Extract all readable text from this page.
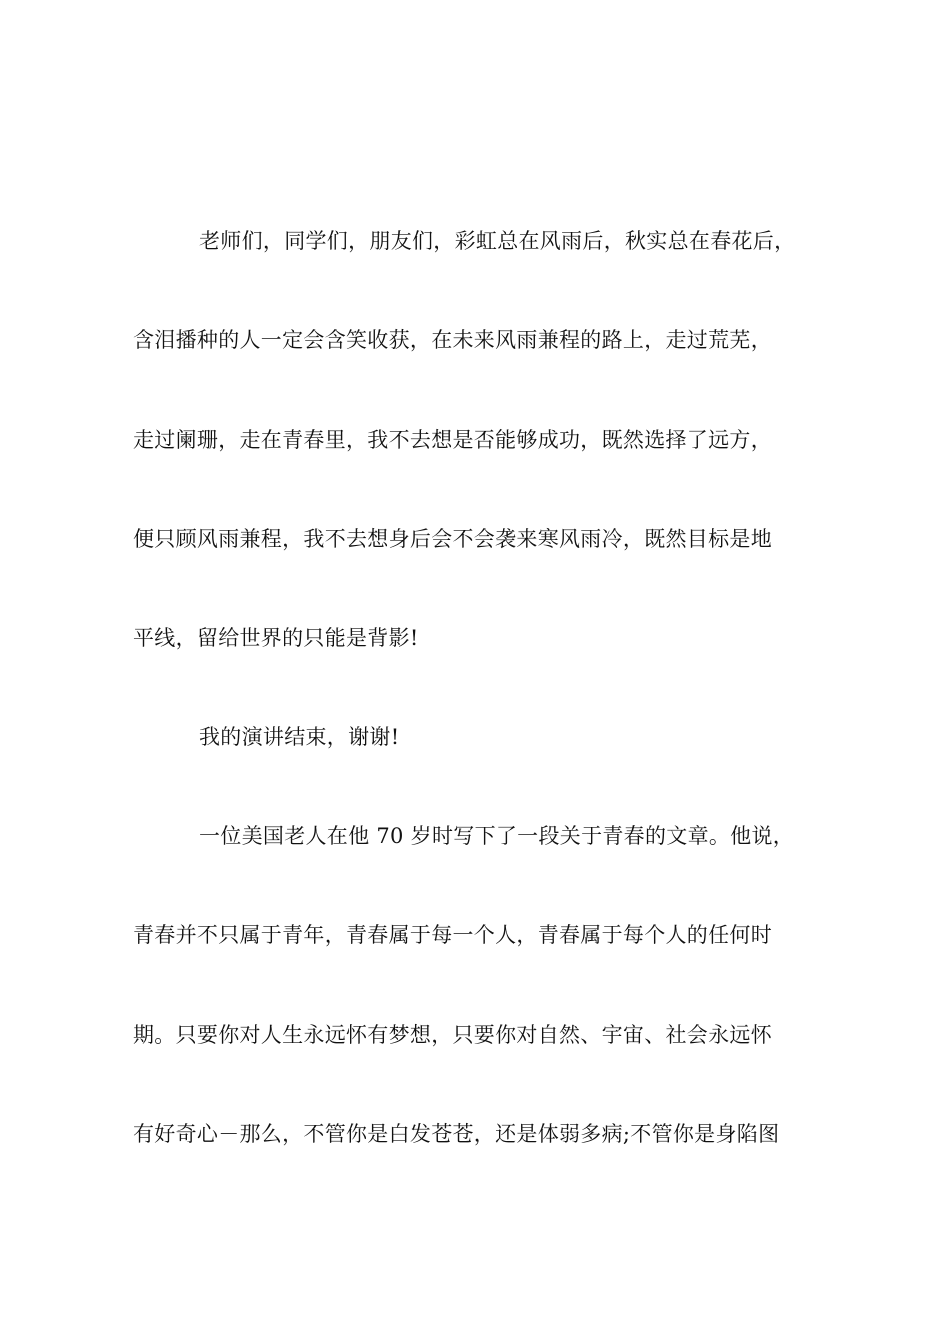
老师们，同学们，朋友们，彩虹总在风雨后，秋实总在春花后，
含泪播种的人一定会含笑收获，在未来风雨兼程的路上，走过荒芜，
走过阑珊，走在青春里，我不去想是否能够成功，既然选择了远方，
便只顾风雨兼程，我不去想身后会不会袭来寒风雨冷，既然目标是地
平线，留给世界的只能是背影!
我的演讲结束，谢谢!
一位美国老人在他 70 岁时写下了一段关于青春的文章。他说，
青春并不只属于青年，青春属于每一个人，青春属于每个人的任何时
期。只要你对人生永远怀有梦想，只要你对自然、宇宙、社会永远怀
有好奇心－那么，不管你是白发苍苍，还是体弱多病;不管你是身陷图
